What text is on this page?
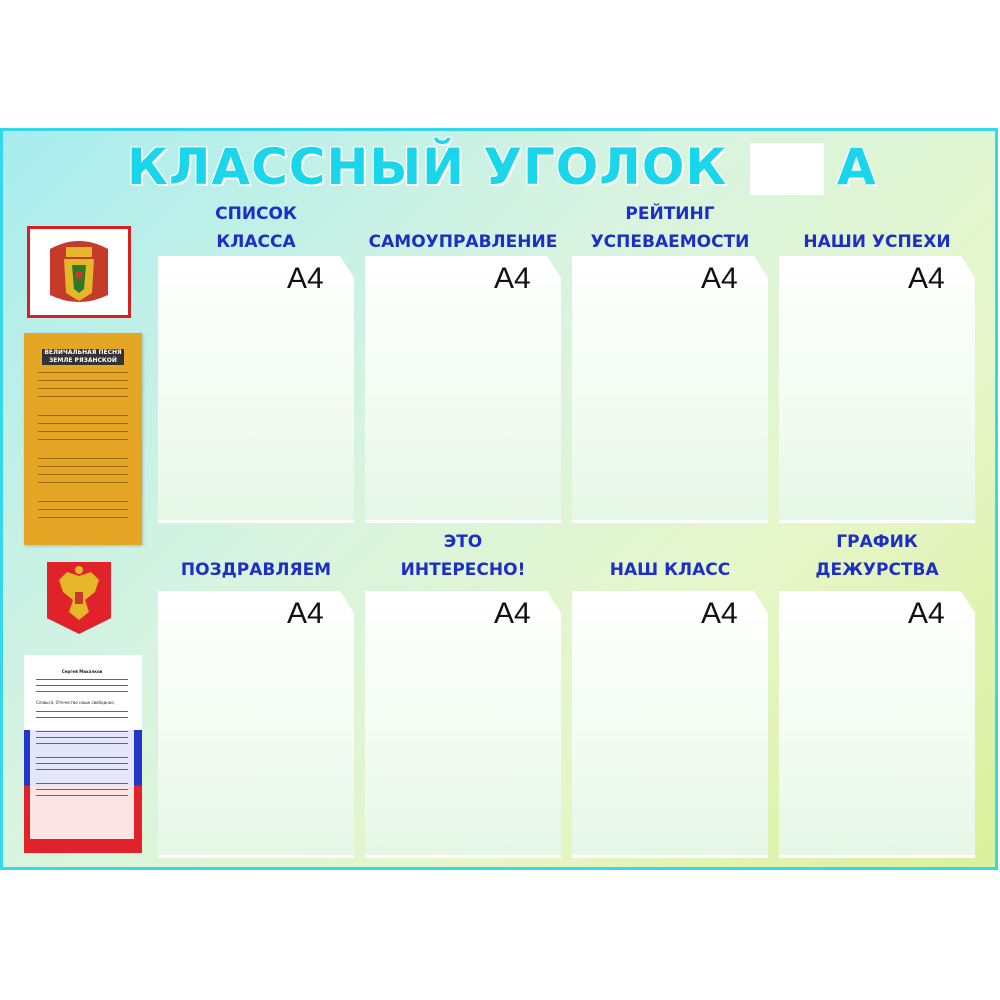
КЛАССНЫЙ УГОЛОК А
ВЕЛИЧАЛЬНАЯ ПЕСНЯ ЗЕМЛЕ РЯЗАНСКОЙ
Сергей Михалков
Славься, Отечество наше свободное,
СПИСОК
КЛАССА	САМОУПРАВЛЕНИЕ
РЕЙТИНГ
УСПЕВАЕМОСТИ	НАШИ УСПЕХИ
А4	А4	А4	А4
ПОЗДРАВЛЯЕМ
ЭТО
ИНТЕРЕСНО!	НАШ КЛАСС
ГРАФИК
ДЕЖУРСТВА
А4	А4	А4	А4
